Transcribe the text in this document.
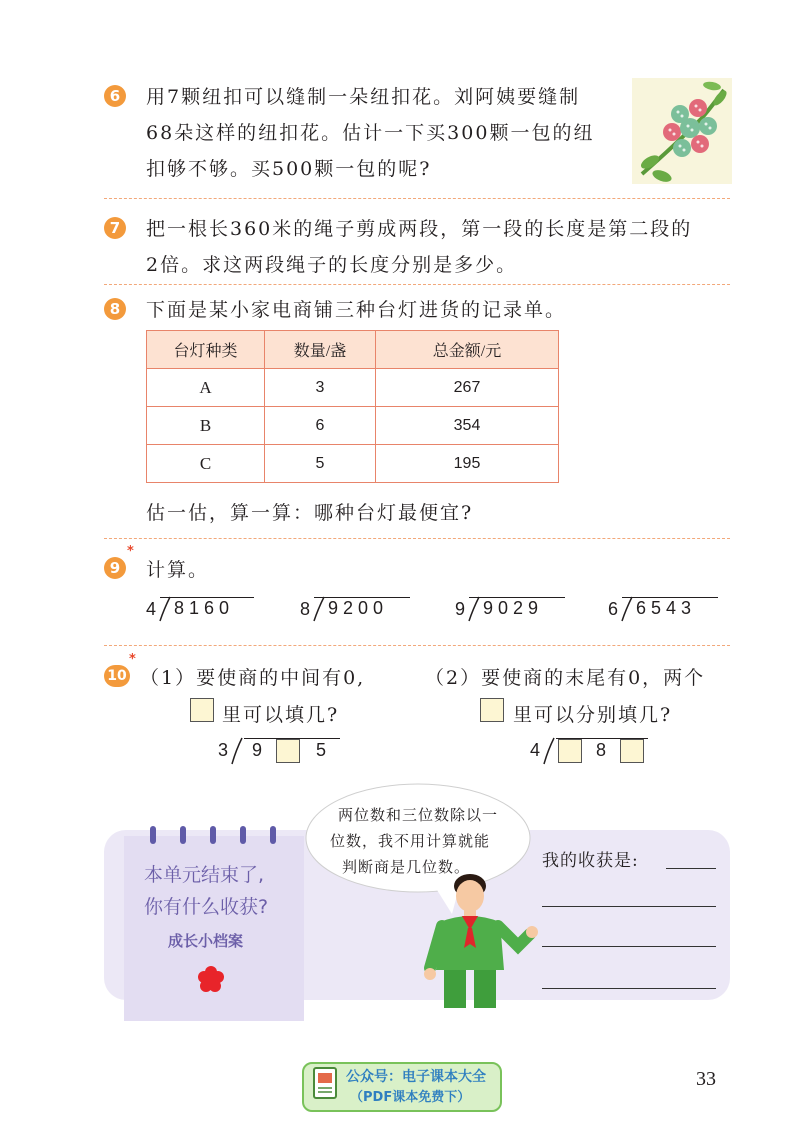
6	用7颗纽扣可以缝制一朵纽扣花。刘阿姨要缝制
68朵这样的纽扣花。估计一下买300颗一包的纽
扣够不够。买500颗一包的呢?
7	把一根长360米的绳子剪成两段，第一段的长度是第二段的
2倍。求这两段绳子的长度分别是多少。
8	下面是某小家电商铺三种台灯进货的记录单。
台灯种类	数量/盏	总金额/元
A	3	267
B	6	354
C	5	195
估一估，算一算：哪种台灯最便宜?
9
*
计算。
4 8160	8 9200	9 9029	6 6543
10
*
（1）要使商的中间有0,	（2）要使商的末尾有0，两个
里可以填几?	里可以分别填几?
3 9	5	4	8
本单元结束了,
你有什么收获?
成长小档案
两位数和三位数除以一
位数，我不用计算就能
判断商是几位数。	我的收获是:
公众号：电子课本大全
（PDF课本免费下）
33
